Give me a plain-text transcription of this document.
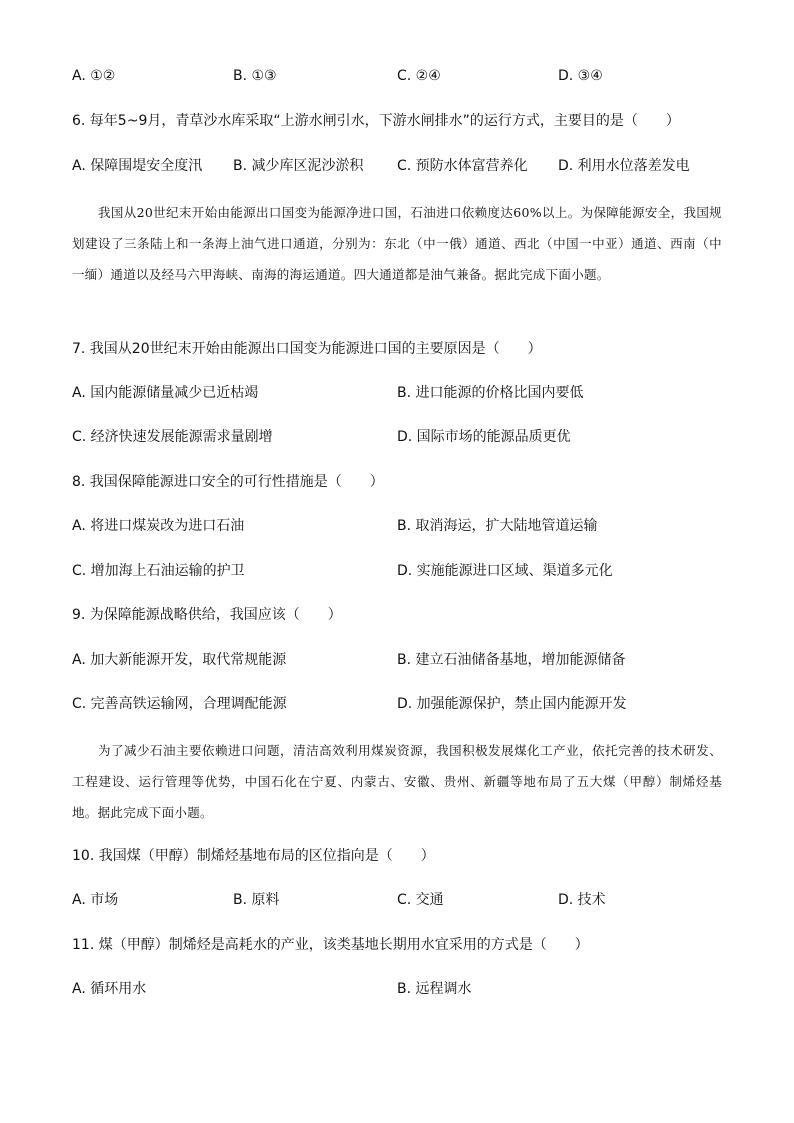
A. ①②	B. ①③	C. ②④	D. ③④
6. 每年5~9月，青草沙水库采取“上游水闸引水，下游水闸排水”的运行方式，主要目的是（　　）
A. 保障围堤安全度汛 B. 减少库区泥沙淤积 C. 预防水体富营养化 D. 利用水位落差发电
我国从20世纪末开始由能源出口国变为能源净进口国，石油进口依赖度达60%以上。为保障能源安全，我国规划建设了三条陆上和一条海上油气进口通道，分别为：东北（中一俄）通道、西北（中国一中亚）通道、西南（中一缅）通道以及经马六甲海峡、南海的海运通道。四大通道都是油气兼备。据此完成下面小题。
7. 我国从20世纪末开始由能源出口国变为能源进口国的主要原因是（　　）
A. 国内能源储量减少已近枯竭	B. 进口能源的价格比国内要低
C. 经济快速发展能源需求量剧增	D. 国际市场的能源品质更优
8. 我国保障能源进口安全的可行性措施是（　　）
A. 将进口煤炭改为进口石油	B. 取消海运，扩大陆地管道运输
C. 增加海上石油运输的护卫	D. 实施能源进口区域、渠道多元化
9. 为保障能源战略供给，我国应该（　　）
A. 加大新能源开发，取代常规能源	B. 建立石油储备基地，增加能源储备
C. 完善高铁运输网，合理调配能源	D. 加强能源保护，禁止国内能源开发
为了减少石油主要依赖进口问题，清洁高效利用煤炭资源，我国积极发展煤化工产业，依托完善的技术研发、工程建设、运行管理等优势，中国石化在宁夏、内蒙古、安徽、贵州、新疆等地布局了五大煤（甲醇）制烯烃基地。据此完成下面小题。
10. 我国煤（甲醇）制烯烃基地布局的区位指向是（　　）
A. 市场	B. 原料	C. 交通	D. 技术
11. 煤（甲醇）制烯烃是高耗水的产业，该类基地长期用水宜采用的方式是（　　）
A. 循环用水	B. 远程调水
